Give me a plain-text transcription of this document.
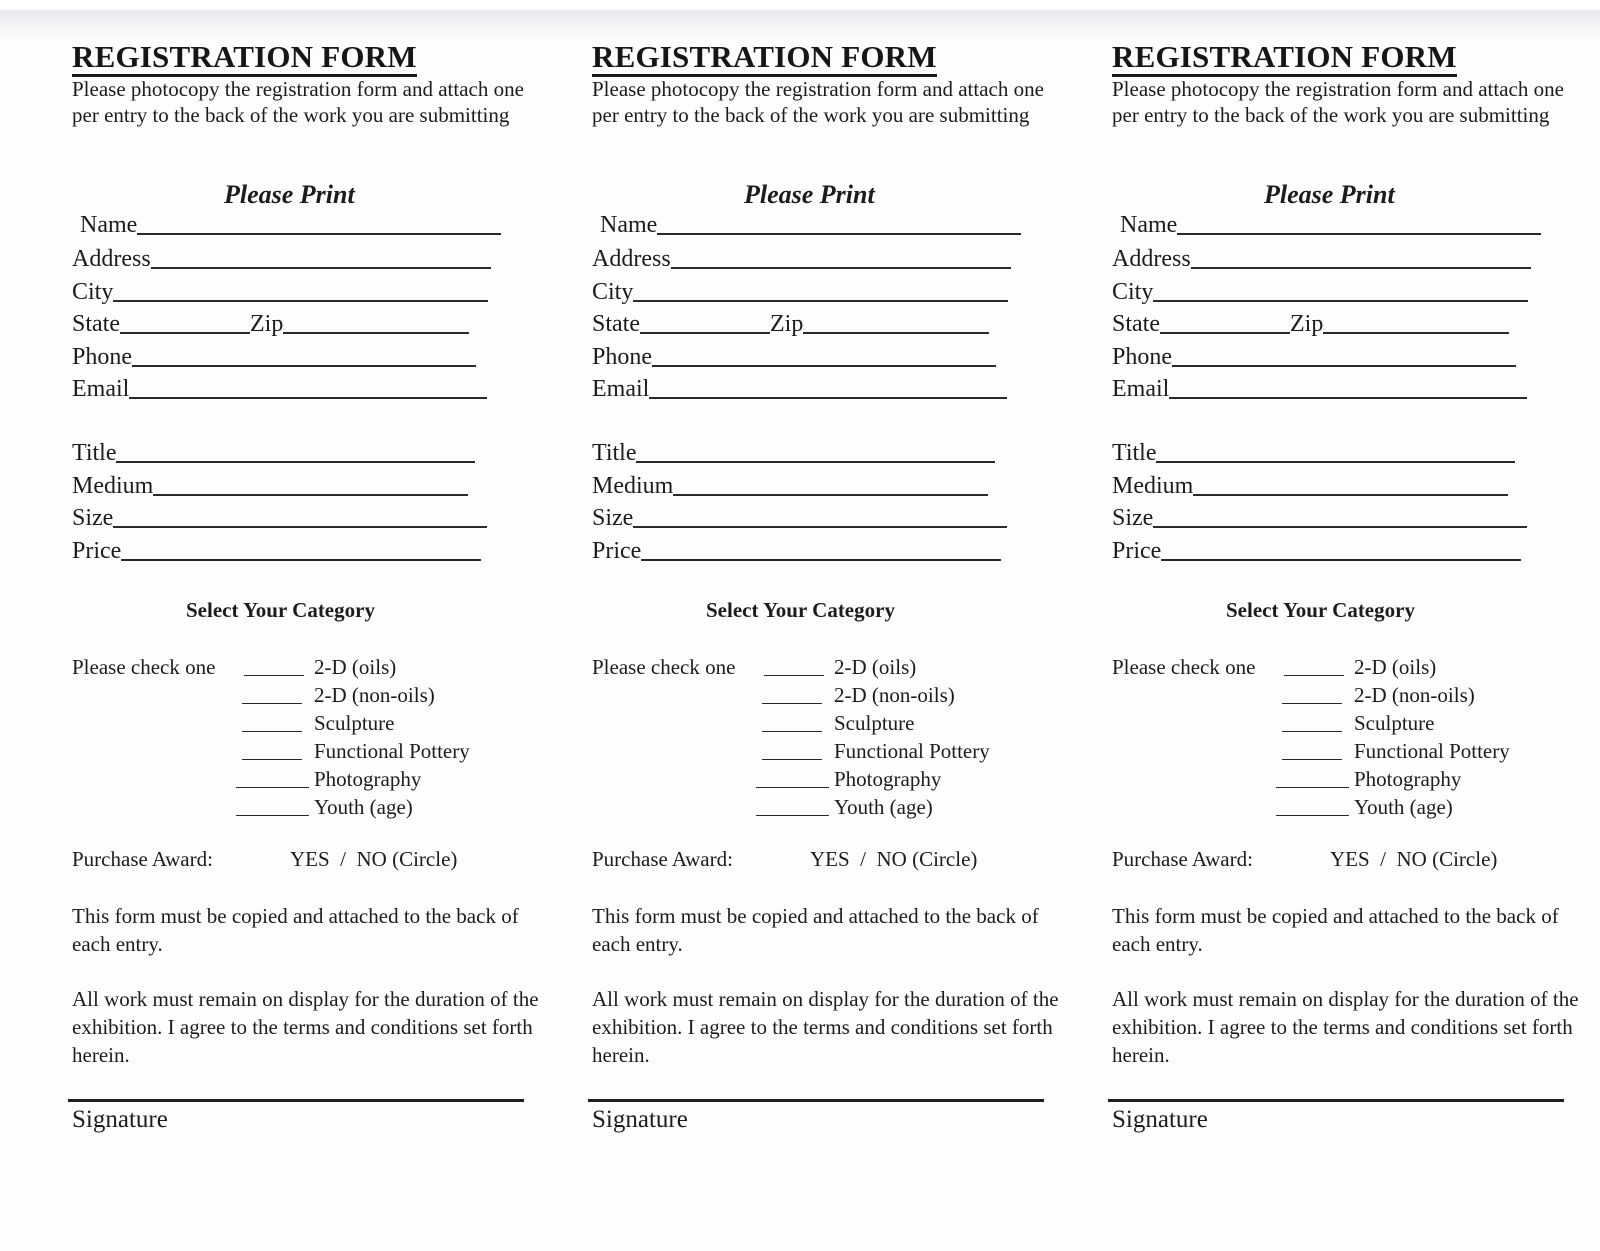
REGISTRATION FORM
Please photocopy the registration form and attach one per entry to the back of the work you are submitting
Please Print
Name
Address
City
State	Zip
Phone
Email
Title
Medium
Size
Price
Select Your Category
Please check one	2-D (oils)
2-D (non-oils)
Sculpture
Functional Pottery
Photography
Youth (age)
Purchase Award:	YES  /  NO (Circle)
This form must be copied and attached to the back of each entry.
All work must remain on display for the duration of the exhibition. I agree to the terms and conditions set forth herein.
Signature
REGISTRATION FORM
Please photocopy the registration form and attach one per entry to the back of the work you are submitting
Please Print
Name
Address
City
State	Zip
Phone
Email
Title
Medium
Size
Price
Select Your Category
Please check one	2-D (oils)
2-D (non-oils)
Sculpture
Functional Pottery
Photography
Youth (age)
Purchase Award:	YES  /  NO (Circle)
This form must be copied and attached to the back of each entry.
All work must remain on display for the duration of the exhibition. I agree to the terms and conditions set forth herein.
Signature
REGISTRATION FORM
Please photocopy the registration form and attach one per entry to the back of the work you are submitting
Please Print
Name
Address
City
State	Zip
Phone
Email
Title
Medium
Size
Price
Select Your Category
Please check one	2-D (oils)
2-D (non-oils)
Sculpture
Functional Pottery
Photography
Youth (age)
Purchase Award:	YES  /  NO (Circle)
This form must be copied and attached to the back of each entry.
All work must remain on display for the duration of the exhibition. I agree to the terms and conditions set forth herein.
Signature
